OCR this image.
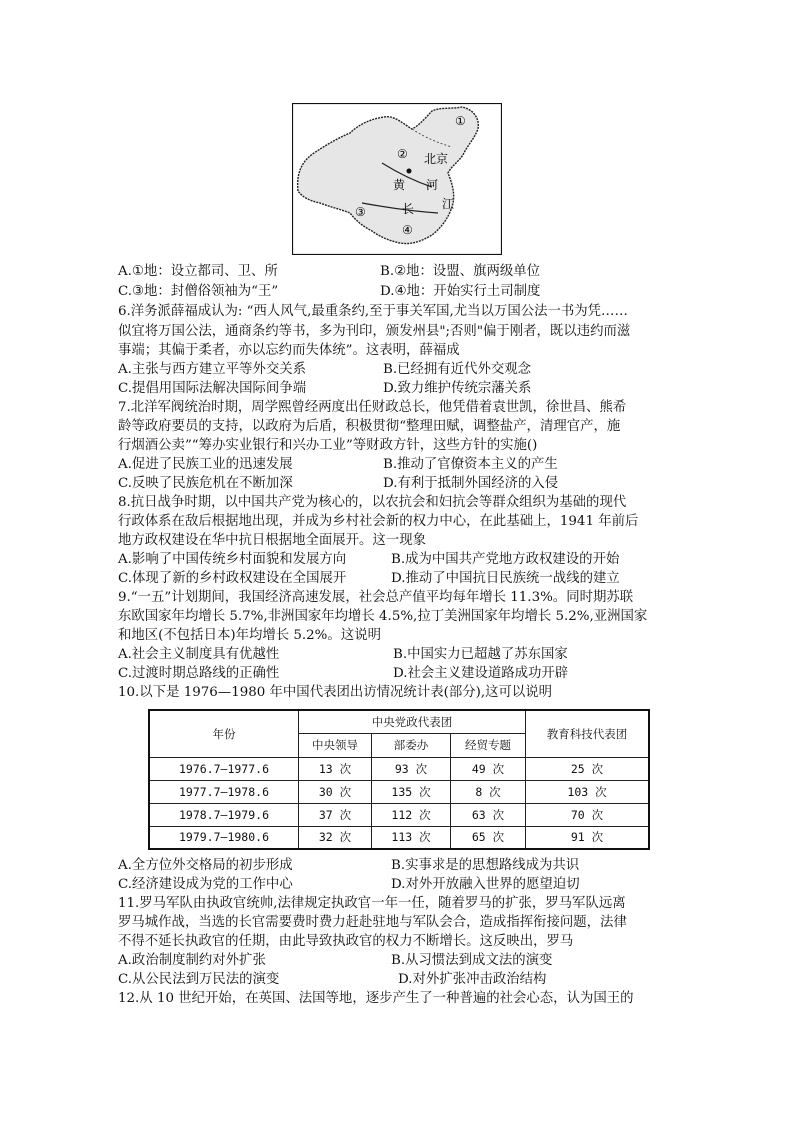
①
②
③
④
北京
黄 河
长 江
A.①地：设立都司、卫、所	B.②地：设盟、旗两级单位
C.③地：封僧俗领袖为“王”	D.④地：开始实行土司制度
6.洋务派薛福成认为: “西人风气,最重条约,至于事关军国,尤当以万国公法一书为凭……
似宜将万国公法，通商条约等书，多为刊印，颁发州县";否则"偏于刚者，既以违约而滋
事端；其偏于柔者，亦以忘约而失体统”。这表明，薛福成
A.主张与西方建立平等外交关系	B.已经拥有近代外交观念
C.提倡用国际法解决国际间争端	D.致力维护传统宗藩关系
7.北洋军阀统治时期，周学熙曾经两度出任财政总长，他凭借着袁世凯，徐世昌、熊希
龄等政府要员的支持，以政府为后盾，积极贯彻“整理田赋，调整盐产，清理官产，施
行烟酒公卖”“筹办实业银行和兴办工业”等财政方针，这些方针的实施()
A.促进了民族工业的迅速发展	B.推动了官僚资本主义的产生
C.反映了民族危机在不断加深	D.有利于抵制外国经济的入侵
8.抗日战争时期，以中国共产党为核心的，以农抗会和妇抗会等群众组织为基础的现代
行政体系在敌后根据地出现，并成为乡村社会新的权力中心，在此基础上，1941 年前后
地方政权建设在华中抗日根据地全面展开。这一现象
A.影响了中国传统乡村面貌和发展方向	B.成为中国共产党地方政权建设的开始
C.体现了新的乡村政权建设在全国展开	D.推动了中国抗日民族统一战线的建立
9.“一五”计划期间，我国经济高速发展，社会总产值平均每年增长 11.3%。同时期苏联
东欧国家年均增长 5.7%,非洲国家年均增长 4.5%,拉丁美洲国家年均增长 5.2%,亚洲国家
和地区(不包括日本)年均增长 5.2%。这说明
A.社会主义制度具有优越性	B.中国实力已超越了苏东国家
C.过渡时期总路线的正确性	D.社会主义建设道路成功开辟
10.以下是 1976—1980 年中国代表团出访情况统计表(部分),这可以说明
年份	中央党政代表团			教育科技代表团
	中央领导	部委办	经贸专题	
1976.7—1977.6	13 次	93 次	49 次	25 次
1977.7—1978.6	30 次	135 次	8 次	103 次
1978.7—1979.6	37 次	112 次	63 次	70 次
1979.7—1980.6	32 次	113 次	65 次	91 次
A.全方位外交格局的初步形成	B.实事求是的思想路线成为共识
C.经济建设成为党的工作中心	D.对外开放融入世界的愿望迫切
11.罗马军队由执政官统帅,法律规定执政官一年一任，随着罗马的扩张，罗马军队远离
罗马城作战，当选的长官需要费时费力赶赴驻地与军队会合，造成指挥衔接问题，法律
不得不延长执政官的任期，由此导致执政官的权力不断增长。这反映出，罗马
A.政治制度制约对外扩张	B.从习惯法到成文法的演变
C.从公民法到万民法的演变	D.对外扩张冲击政治结构
12.从 10 世纪开始，在英国、法国等地，逐步产生了一种普遍的社会心态，认为国王的
